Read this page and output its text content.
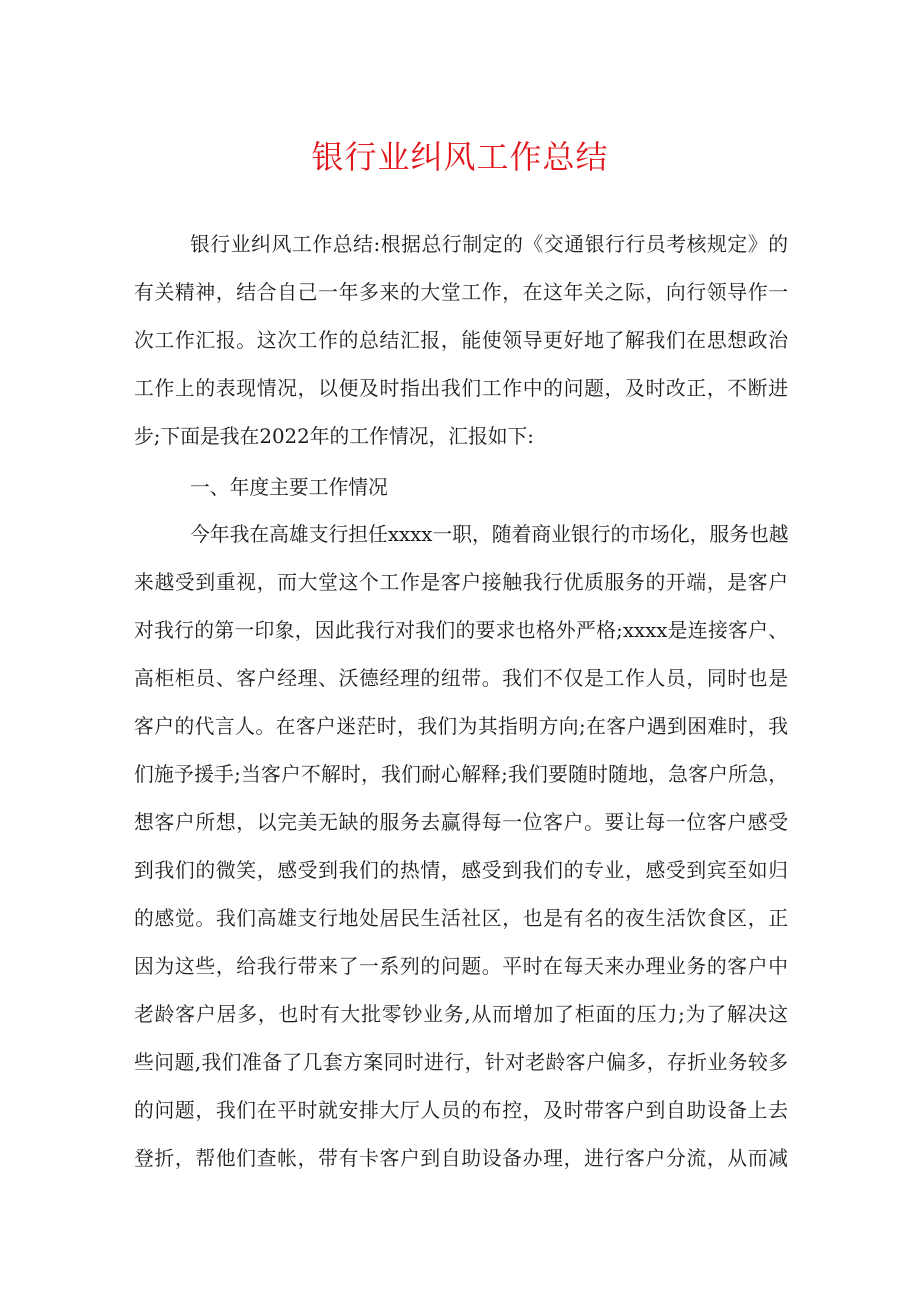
银行业纠风工作总结

银行业纠风工作总结:根据总行制定的《交通银行行员考核规定》的

有关精神，结合自己一年多来的大堂工作，在这年关之际，向行领导作一

次工作汇报。这次工作的总结汇报，能使领导更好地了解我们在思想政治

工作上的表现情况，以便及时指出我们工作中的问题，及时改正，不断进

步;下面是我在2022年的工作情况，汇报如下:

一、年度主要工作情况

今年我在高雄支行担任xxxx一职，随着商业银行的市场化，服务也越

来越受到重视，而大堂这个工作是客户接触我行优质服务的开端，是客户

对我行的第一印象，因此我行对我们的要求也格外严格;xxxx是连接客户、

高柜柜员、客户经理、沃德经理的纽带。我们不仅是工作人员，同时也是

客户的代言人。在客户迷茫时，我们为其指明方向;在客户遇到困难时，我

们施予援手;当客户不解时，我们耐心解释;我们要随时随地，急客户所急，

想客户所想，以完美无缺的服务去赢得每一位客户。要让每一位客户感受

到我们的微笑，感受到我们的热情，感受到我们的专业，感受到宾至如归

的感觉。我们高雄支行地处居民生活社区，也是有名的夜生活饮食区，正

因为这些，给我行带来了一系列的问题。平时在每天来办理业务的客户中

老龄客户居多，也时有大批零钞业务,从而增加了柜面的压力;为了解决这

些问题,我们准备了几套方案同时进行，针对老龄客户偏多，存折业务较多

的问题，我们在平时就安排大厅人员的布控，及时带客户到自助设备上去

登折，帮他们查帐，带有卡客户到自助设备办理，进行客户分流，从而减
